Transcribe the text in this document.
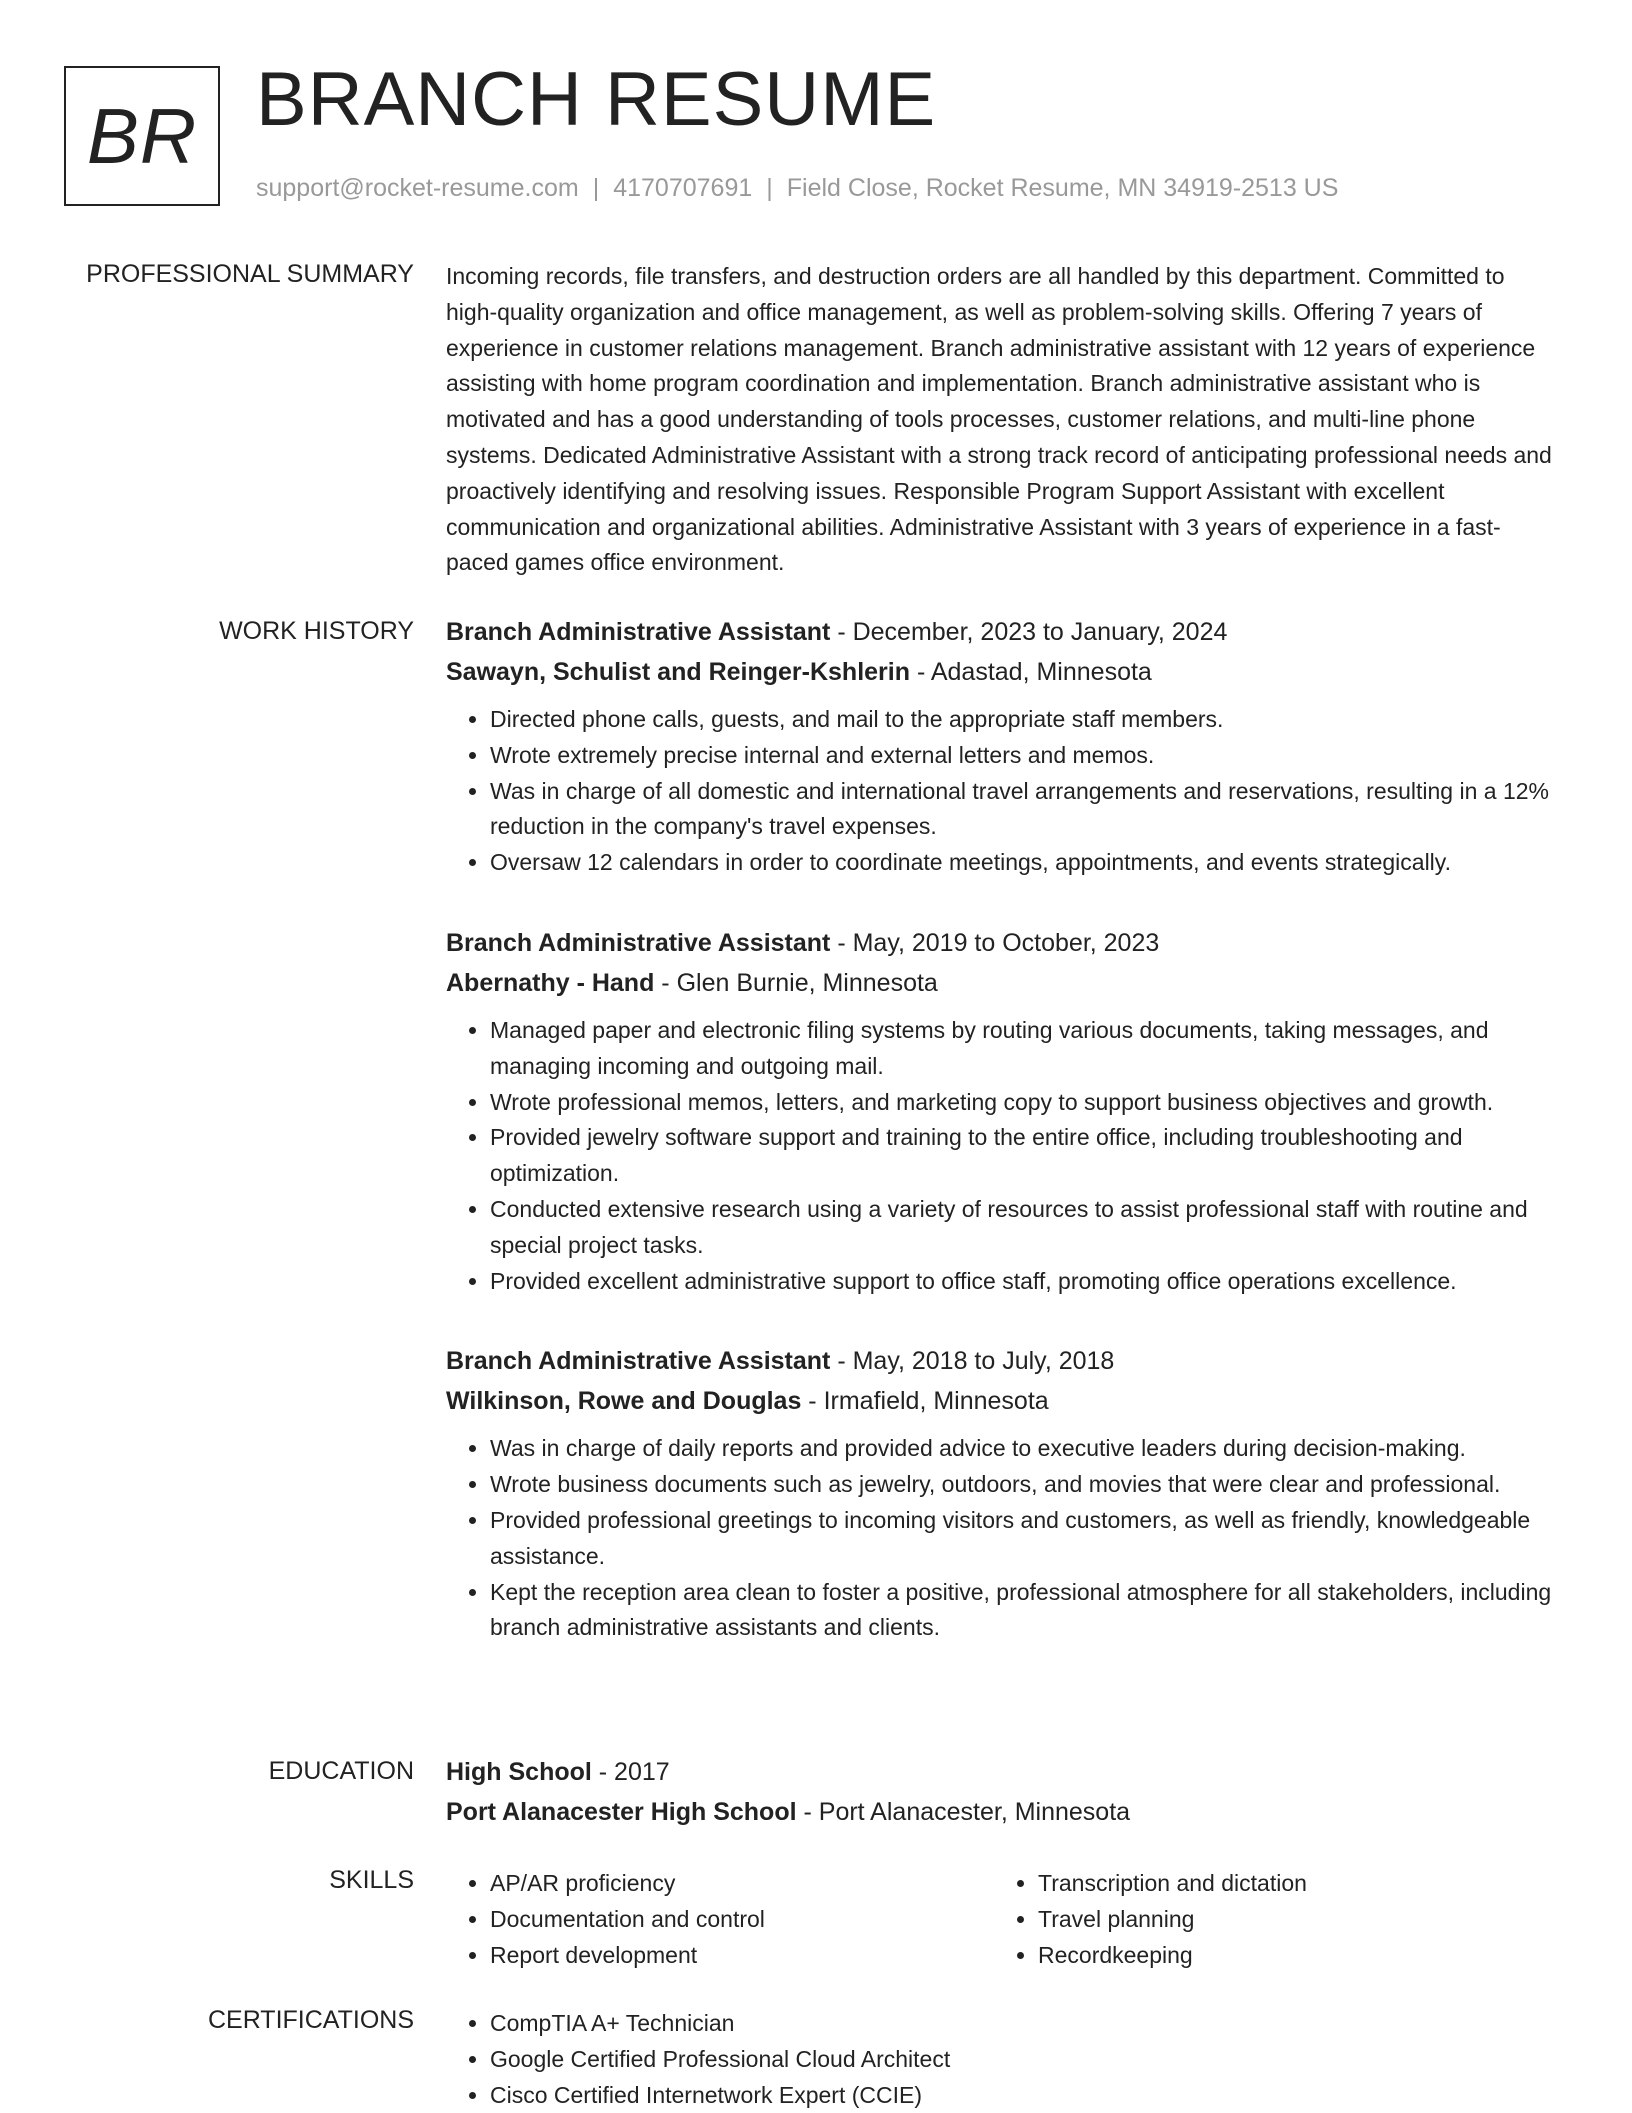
BR BRANCH RESUME
support@rocket-resume.com | 4170707691 | Field Close, Rocket Resume, MN 34919-2513 US
PROFESSIONAL SUMMARY Incoming records, file transfers, and destruction orders are all handled by this department. Committed to high-quality organization and office management, as well as problem-solving skills. Offering 7 years of experience in customer relations management. Branch administrative assistant with 12 years of experience assisting with home program coordination and implementation. Branch administrative assistant who is motivated and has a good understanding of tools processes, customer relations, and multi-line phone systems. Dedicated Administrative Assistant with a strong track record of anticipating professional needs and proactively identifying and resolving issues. Responsible Program Support Assistant with excellent communication and organizational abilities. Administrative Assistant with 3 years of experience in a fast-paced games office environment.

WORK HISTORY Branch Administrative Assistant - December, 2023 to January, 2024
Sawayn, Schulist and Reinger-Kshlerin - Adastad, Minnesota
• Directed phone calls, guests, and mail to the appropriate staff members.
• Wrote extremely precise internal and external letters and memos.
• Was in charge of all domestic and international travel arrangements and reservations, resulting in a 12% reduction in the company's travel expenses.
• Oversaw 12 calendars in order to coordinate meetings, appointments, and events strategically.
Branch Administrative Assistant - May, 2019 to October, 2023
Abernathy - Hand - Glen Burnie, Minnesota
• Managed paper and electronic filing systems by routing various documents, taking messages, and managing incoming and outgoing mail.
• Wrote professional memos, letters, and marketing copy to support business objectives and growth.
• Provided jewelry software support and training to the entire office, including troubleshooting and optimization.
• Conducted extensive research using a variety of resources to assist professional staff with routine and special project tasks.
• Provided excellent administrative support to office staff, promoting office operations excellence.
Branch Administrative Assistant - May, 2018 to July, 2018
Wilkinson, Rowe and Douglas - Irmafield, Minnesota
• Was in charge of daily reports and provided advice to executive leaders during decision-making.
• Wrote business documents such as jewelry, outdoors, and movies that were clear and professional.
• Provided professional greetings to incoming visitors and customers, as well as friendly, knowledgeable assistance.
• Kept the reception area clean to foster a positive, professional atmosphere for all stakeholders, including branch administrative assistants and clients.
EDUCATION High School - 2017
Port Alanacester High School - Port Alanacester, Minnesota
SKILLS	• AP/AR proficiency
• Documentation and control
• Report development
• Transcription and dictation
• Travel planning
• Recordkeeping
CERTIFICATIONS	• CompTIA A+ Technician
• Google Certified Professional Cloud Architect
• Cisco Certified Internetwork Expert (CCIE)
